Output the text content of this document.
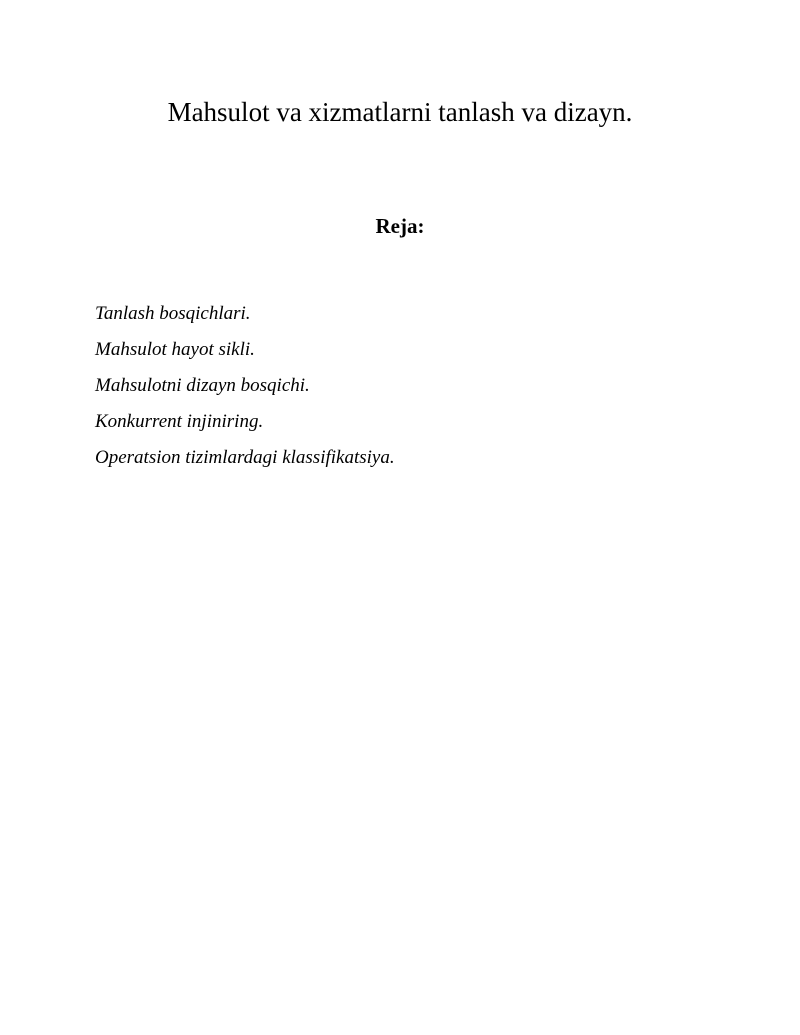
Mahsulot va xizmatlarni tanlash va dizayn.
Reja:
Tanlash bosqichlari.
Mahsulot hayot sikli.
Mahsulotni dizayn bosqichi.
Konkurrent injiniring.
Operatsion tizimlardagi klassifikatsiya.
